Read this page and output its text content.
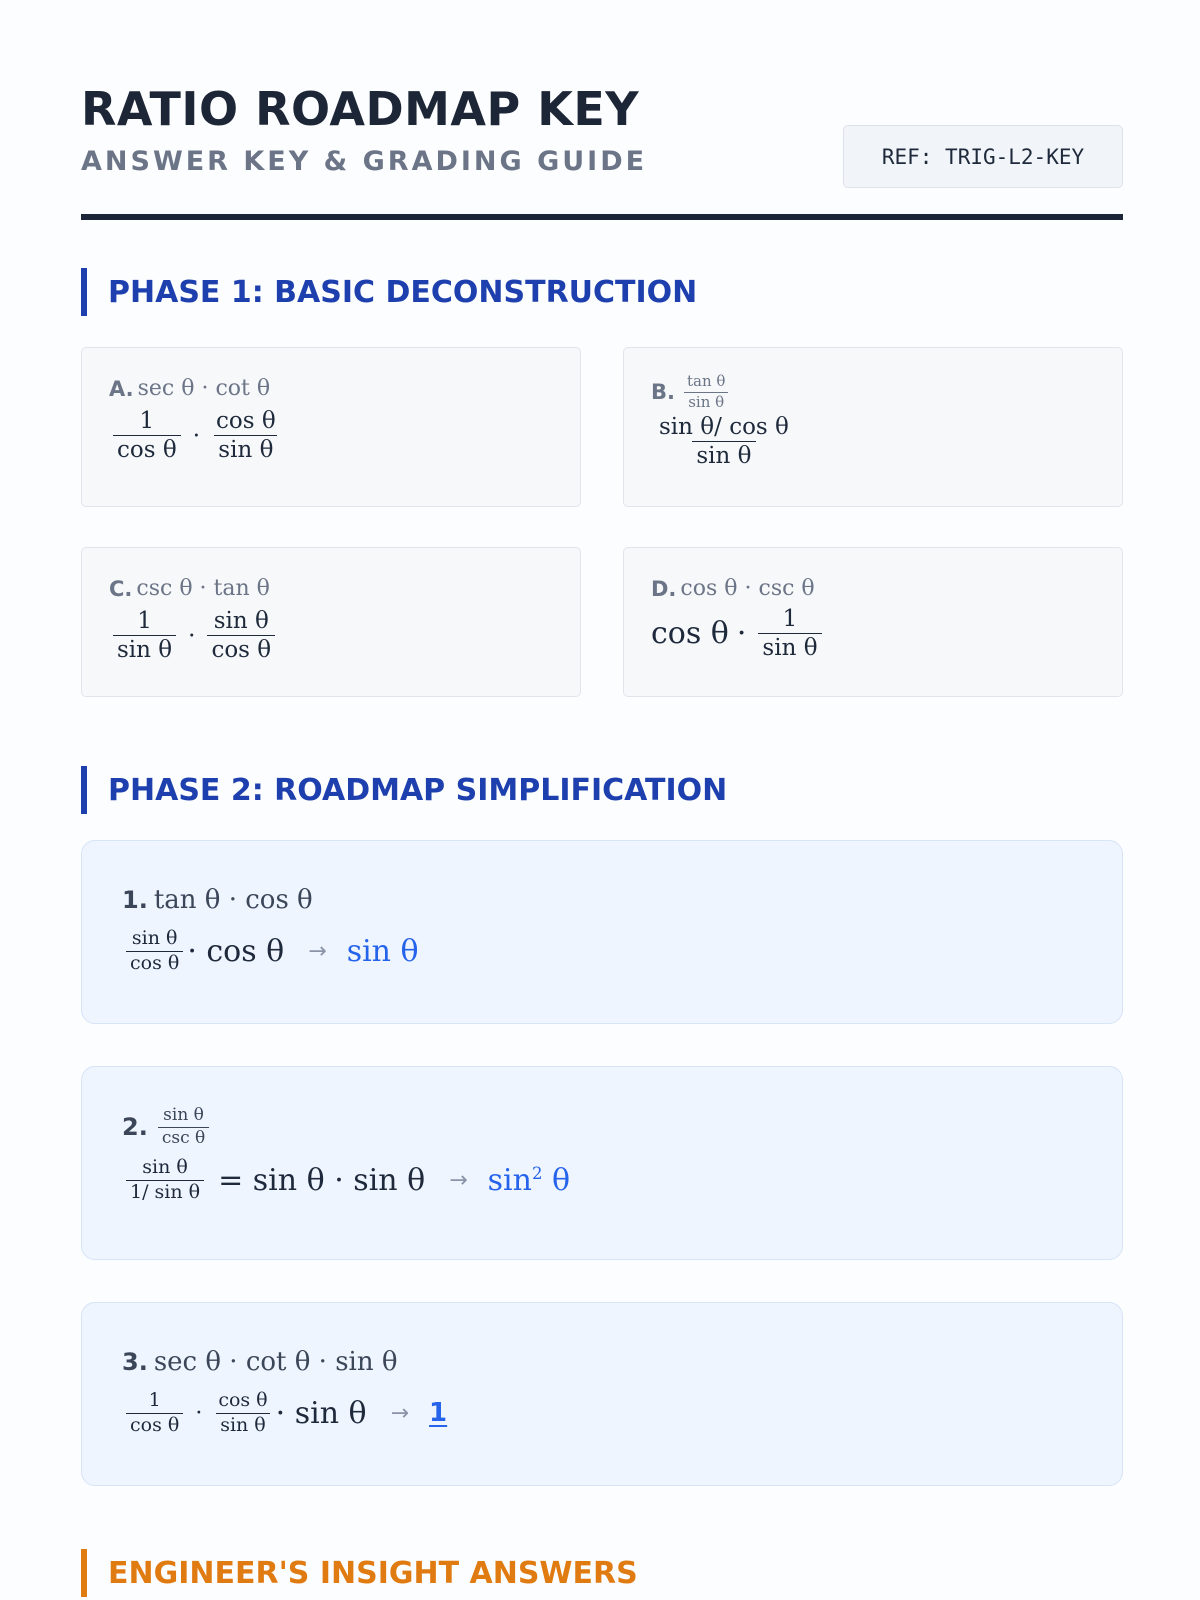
RATIO ROADMAP KEY
ANSWER KEY & GRADING GUIDE	REF: TRIG-L2-KEY
PHASE 1: BASIC DECONSTRUCTION
A. sec θ · cot θ
$\frac{1}{\text{cos θ}} \cdot \frac{\text{cos θ}}{\text{sin θ}}$
B. $\frac{\text{tan θ}}{\text{sin θ}}$
$\frac{\text{sin θ/ cos θ}}{\text{sin θ}}$
C. csc θ · tan θ
$\frac{1}{\text{sin θ}} \cdot \frac{\text{sin θ}}{\text{cos θ}}$
D. cos θ · csc θ
$\cos \theta \cdot \frac{1}{\text{sin θ}}$
PHASE 2: ROADMAP SIMPLIFICATION
1. tan θ · cos θ
$\frac{\text{sin θ}}{\text{cos θ}} \cdot \cos \theta \to \sin \theta$
2. $\frac{\text{sin θ}}{\text{csc θ}}$
$\frac{\text{sin θ}}{\text{1/ sin θ}} = \sin \theta \cdot \sin \theta \to \sin^2 \theta$
3. sec θ · cot θ · sin θ
$\frac{1}{\text{cos θ}} \cdot \frac{\text{cos θ}}{\text{sin θ}} \cdot \sin \theta \to 1$
ENGINEER'S INSIGHT ANSWERS
